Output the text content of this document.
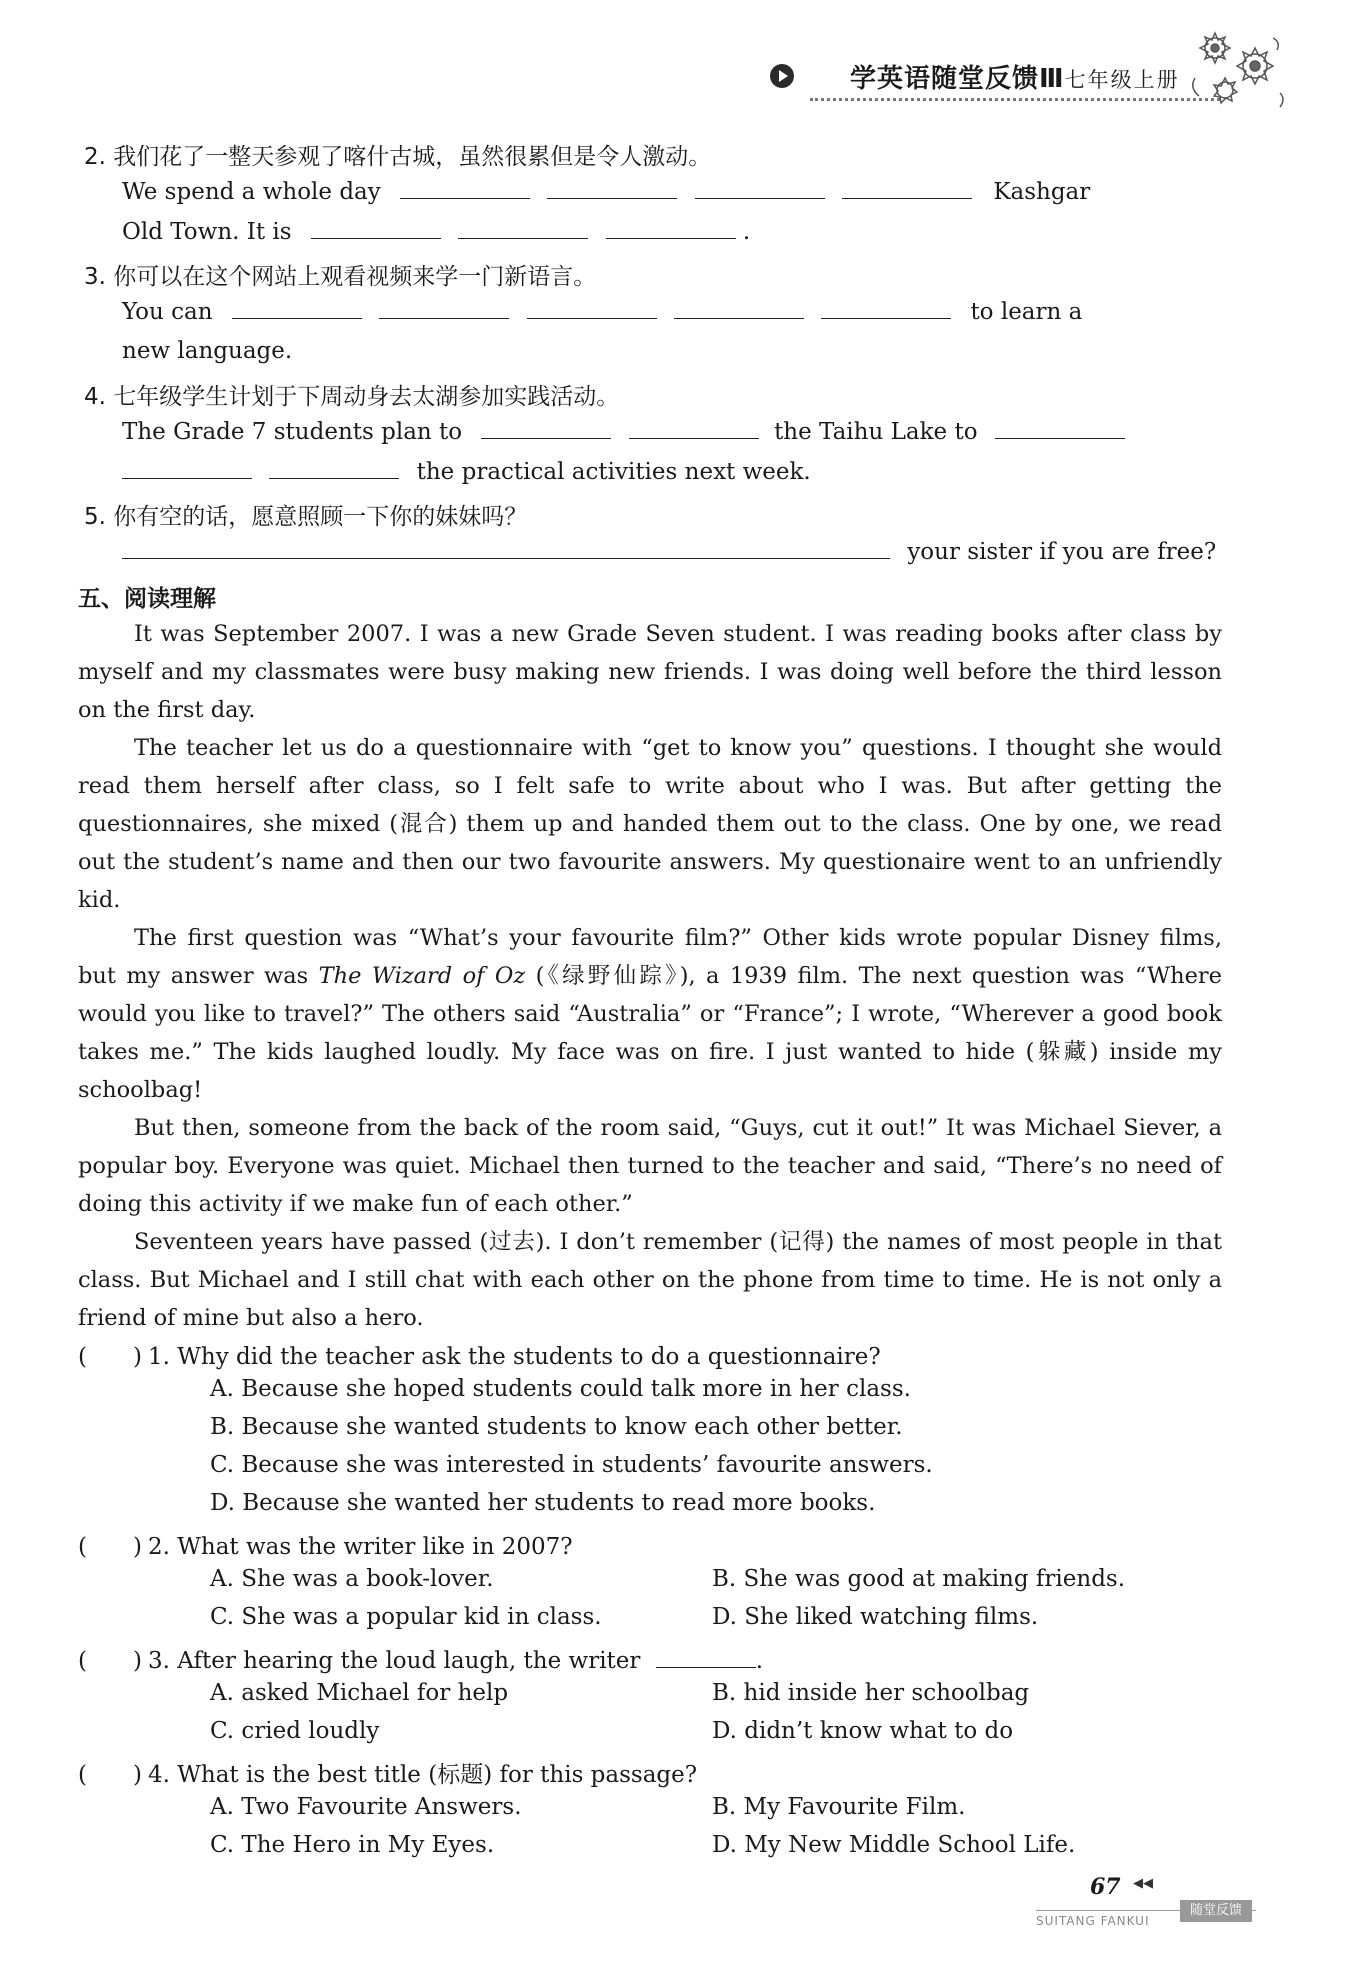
学英语随堂反馈Ⅲ七年级上册
2. 我们花了一整天参观了喀什古城，虽然很累但是令人激动。
We spend a whole day	Kashgar
Old Town. It is	.
3. 你可以在这个网站上观看视频来学一门新语言。
You can	to learn a
new language.
4. 七年级学生计划于下周动身去太湖参加实践活动。
The Grade 7 students plan to	the Taihu Lake to
the practical activities next week.
5. 你有空的话，愿意照顾一下你的妹妹吗？
your sister if you are free?
五、阅读理解
It was September 2007. I was a new Grade Seven student. I was reading books after class by myself and my classmates were busy making new friends. I was doing well before the third lesson on the first day.
The teacher let us do a questionnaire with “get to know you” questions. I thought she would read them herself after class, so I felt safe to write about who I was. But after getting the questionnaires, she mixed (混合) them up and handed them out to the class. One by one, we read out the student’s name and then our two favourite answers. My questionaire went to an unfriendly kid.
The first question was “What’s your favourite film?” Other kids wrote popular Disney films, but my answer was The Wizard of Oz (《绿野仙踪》), a 1939 film. The next question was “Where would you like to travel?” The others said “Australia” or “France”; I wrote, “Wherever a good book takes me.” The kids laughed loudly. My face was on fire. I just wanted to hide (躲藏) inside my schoolbag!
But then, someone from the back of the room said, “Guys, cut it out!” It was Michael Siever, a popular boy. Everyone was quiet. Michael then turned to the teacher and said, “There’s no need of doing this activity if we make fun of each other.”
Seventeen years have passed (过去). I don’t remember (记得) the names of most people in that class. But Michael and I still chat with each other on the phone from time to time. He is not only a friend of mine but also a hero.
(　　) 1. Why did the teacher ask the students to do a questionnaire?
A. Because she hoped students could talk more in her class.
B. Because she wanted students to know each other better.
C. Because she was interested in students’ favourite answers.
D. Because she wanted her students to read more books.
(　　) 2. What was the writer like in 2007?
A. She was a book-lover.	B. She was good at making friends.
C. She was a popular kid in class.	D. She liked watching films.
(　　) 3. After hearing the loud laugh, the writer	.
A. asked Michael for help	B. hid inside her schoolbag
C. cried loudly	D. didn’t know what to do
(　　) 4. What is the best title (标题) for this passage?
A. Two Favourite Answers.	B. My Favourite Film.
C. The Hero in My Eyes.	D. My New Middle School Life.
67 ◀◀
SUITANG FANKUI
随堂反馈
